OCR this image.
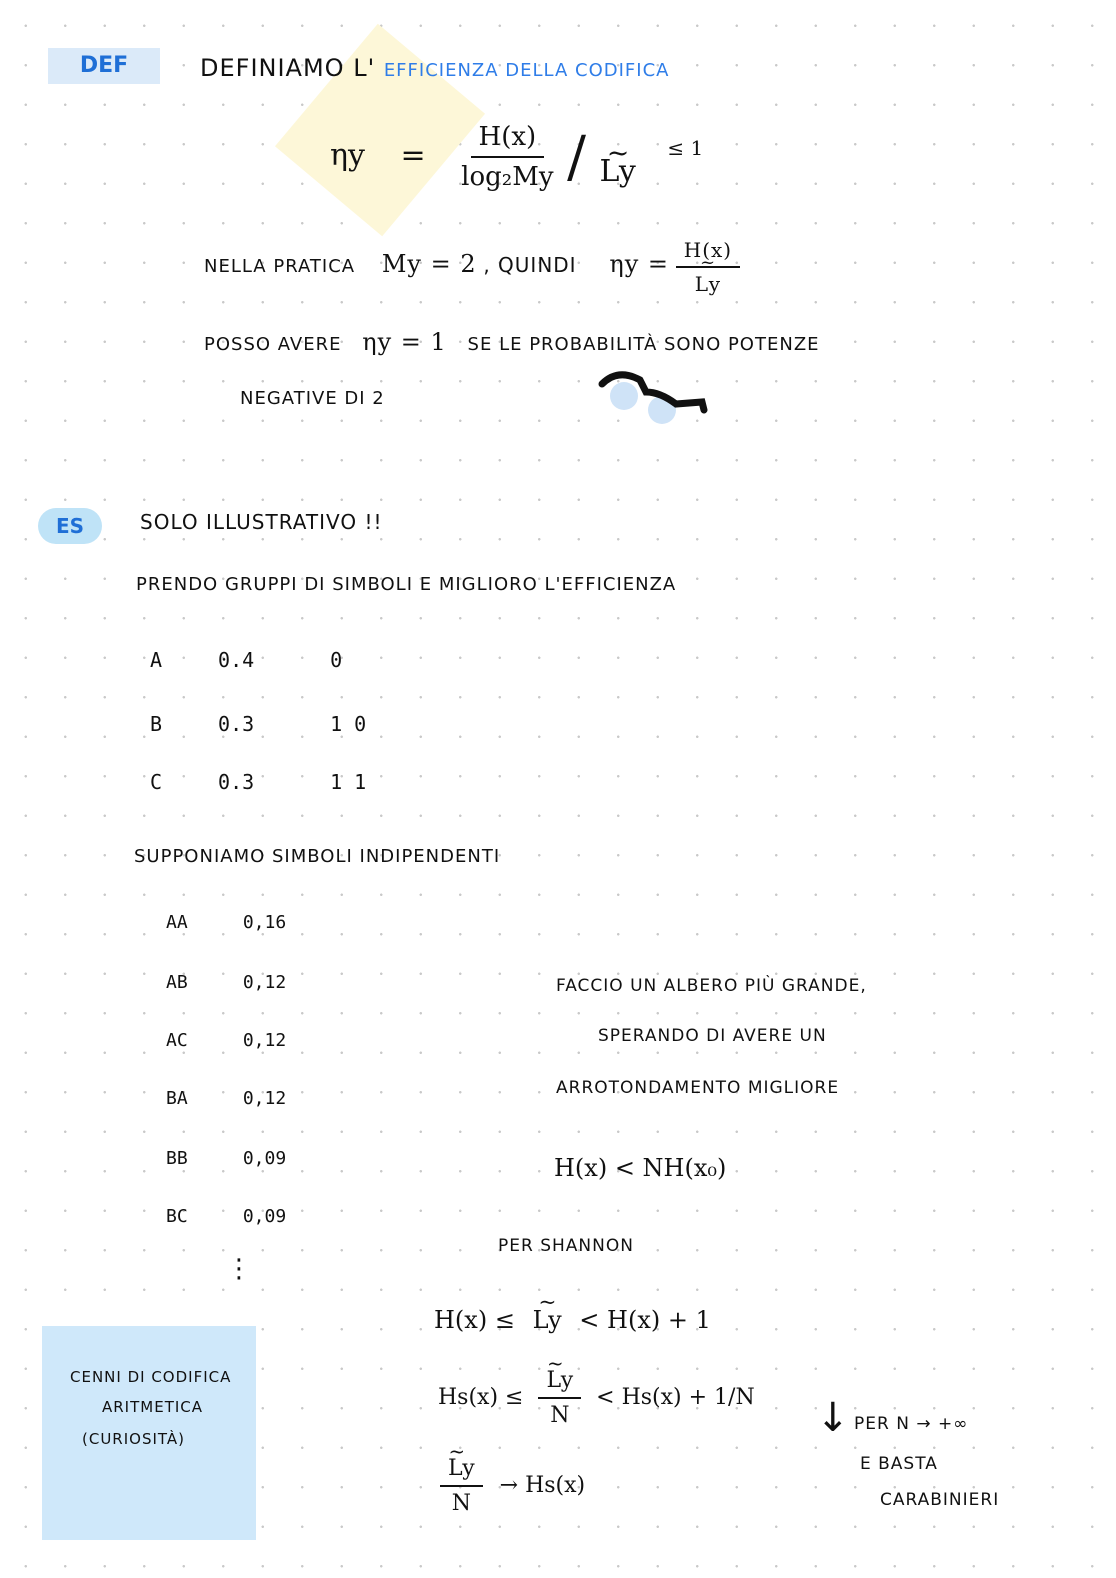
DEF	DEFINIAMO L' EFFICIENZA DELLA CODIFICA
$\eta y = \frac{H(x)}{\text{log₂My}}$ / ~ Ly $^{\le 1}$
NELLA PRATICA My = 2 , QUINDI ηy = H(x)
~ Ly
POSSO AVERE ηy = 1 SE LE PROBABILITÀ SONO POTENZE
NEGATIVE DI 2
ES	SOLO ILLUSTRATIVO !!
PRENDO GRUPPI DI SIMBOLI E MIGLIORO L'EFFICIENZA
A	0.4	0
B	0.3	1 0
C	0.3	1 1
SUPPONIAMO SIMBOLI INDIPENDENTI
AA	0,16
AB	0,12
AC	0,12
BA	0,12
BB	0,09
BC	0,09
⋮
FACCIO UN ALBERO PIÙ GRANDE,
SPERANDO DI AVERE UN
ARROTONDAMENTO MIGLIORE
H(x) < NH(x₀)
PER SHANNON
H(x) ≤ ~ Ly < H(x) + 1
Hs(x) ≤ ~ $\frac{Ly}{N} < Hs(x) + 1/N$
~ $\frac{Ly}{N} \to Hs(x)$
↓ PER N → +∞
E BASTA
CARABINIERI
CENNI DI CODIFICA
ARITMETICA
(CURIOSITÀ)
